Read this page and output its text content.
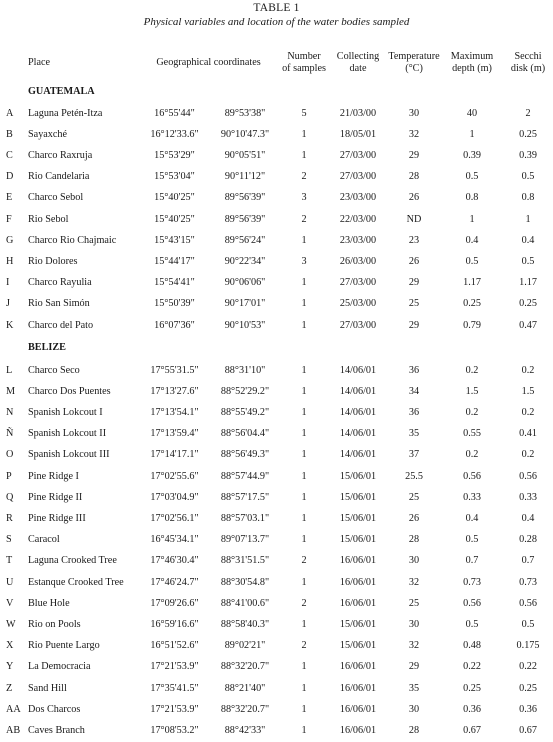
TABLE 1
Physical variables and location of the water bodies sampled
	Place	Geographical coordinates		Number
of samples	Collecting
date	Temperature
(°C)	Maximum
depth (m)	Secchi
disk (m)

	GUATEMALA							
A	Laguna Petén-Itza	16°55'44"	89°53'38"	5	21/03/00	30	40	2
B	Sayaxché	16°12'33.6"	90°10'47.3"	1	18/05/01	32	1	0.25
C	Charco Raxruja	15°53'29"	90°05'51"	1	27/03/00	29	0.39	0.39
D	Rio Candelaria	15°53'04"	90°11'12"	2	27/03/00	28	0.5	0.5
E	Charco Sebol	15°40'25"	89°56'39"	3	23/03/00	26	0.8	0.8
F	Rio Sebol	15°40'25"	89°56'39"	2	22/03/00	ND	1	1
G	Charco Rio Chajmaic	15°43'15"	89°56'24"	1	23/03/00	23	0.4	0.4
H	Rio Dolores	15°44'17"	90°22'34"	3	26/03/00	26	0.5	0.5
I	Charco Rayulia	15°54'41"	90°06'06"	1	27/03/00	29	1.17	1.17
J	Rio San Simón	15°50'39"	90°17'01"	1	25/03/00	25	0.25	0.25
K	Charco del Pato	16°07'36"	90°10'53"	1	27/03/00	29	0.79	0.47
	BELIZE							
L	Charco Seco	17°55'31.5"	88°31'10"	1	14/06/01	36	0.2	0.2
M	Charco Dos Puentes	17°13'27.6"	88°52'29.2"	1	14/06/01	34	1.5	1.5
N	Spanish Lokcout I	17°13'54.1"	88°55'49.2"	1	14/06/01	36	0.2	0.2
Ñ	Spanish Lokcout II	17°13'59.4"	88°56'04.4"	1	14/06/01	35	0.55	0.41
O	Spanish Lokcout III	17°14'17.1"	88°56'49.3"	1	14/06/01	37	0.2	0.2
P	Pine Ridge I	17°02'55.6"	88°57'44.9"	1	15/06/01	25.5	0.56	0.56
Q	Pine Ridge II	17°03'04.9"	88°57'17.5"	1	15/06/01	25	0.33	0.33
R	Pine Ridge III	17°02'56.1"	88°57'03.1"	1	15/06/01	26	0.4	0.4
S	Caracol	16°45'34.1"	89°07'13.7"	1	15/06/01	28	0.5	0.28
T	Laguna Crooked Tree	17°46'30.4"	88°31'51.5"	2	16/06/01	30	0.7	0.7
U	Estanque Crooked Tree	17°46'24.7"	88°30'54.8"	1	16/06/01	32	0.73	0.73
V	Blue Hole	17°09'26.6"	88°41'00.6"	2	16/06/01	25	0.56	0.56
W	Rio on Pools	16°59'16.6"	88°58'40.3"	1	15/06/01	30	0.5	0.5
X	Rio Puente Largo	16°51'52.6"	89°02'21"	2	15/06/01	32	0.48	0.175
Y	La Democracia	17°21'53.9"	88°32'20.7"	1	16/06/01	29	0.22	0.22
Z	Sand Hill	17°35'41.5"	88°21'40"	1	16/06/01	35	0.25	0.25
AA	Dos Charcos	17°21'53.9"	88°32'20.7"	1	16/06/01	30	0.36	0.36
AB	Caves Branch	17°08'53.2"	88°42'33"	1	16/06/01	28	0.67	0.67
